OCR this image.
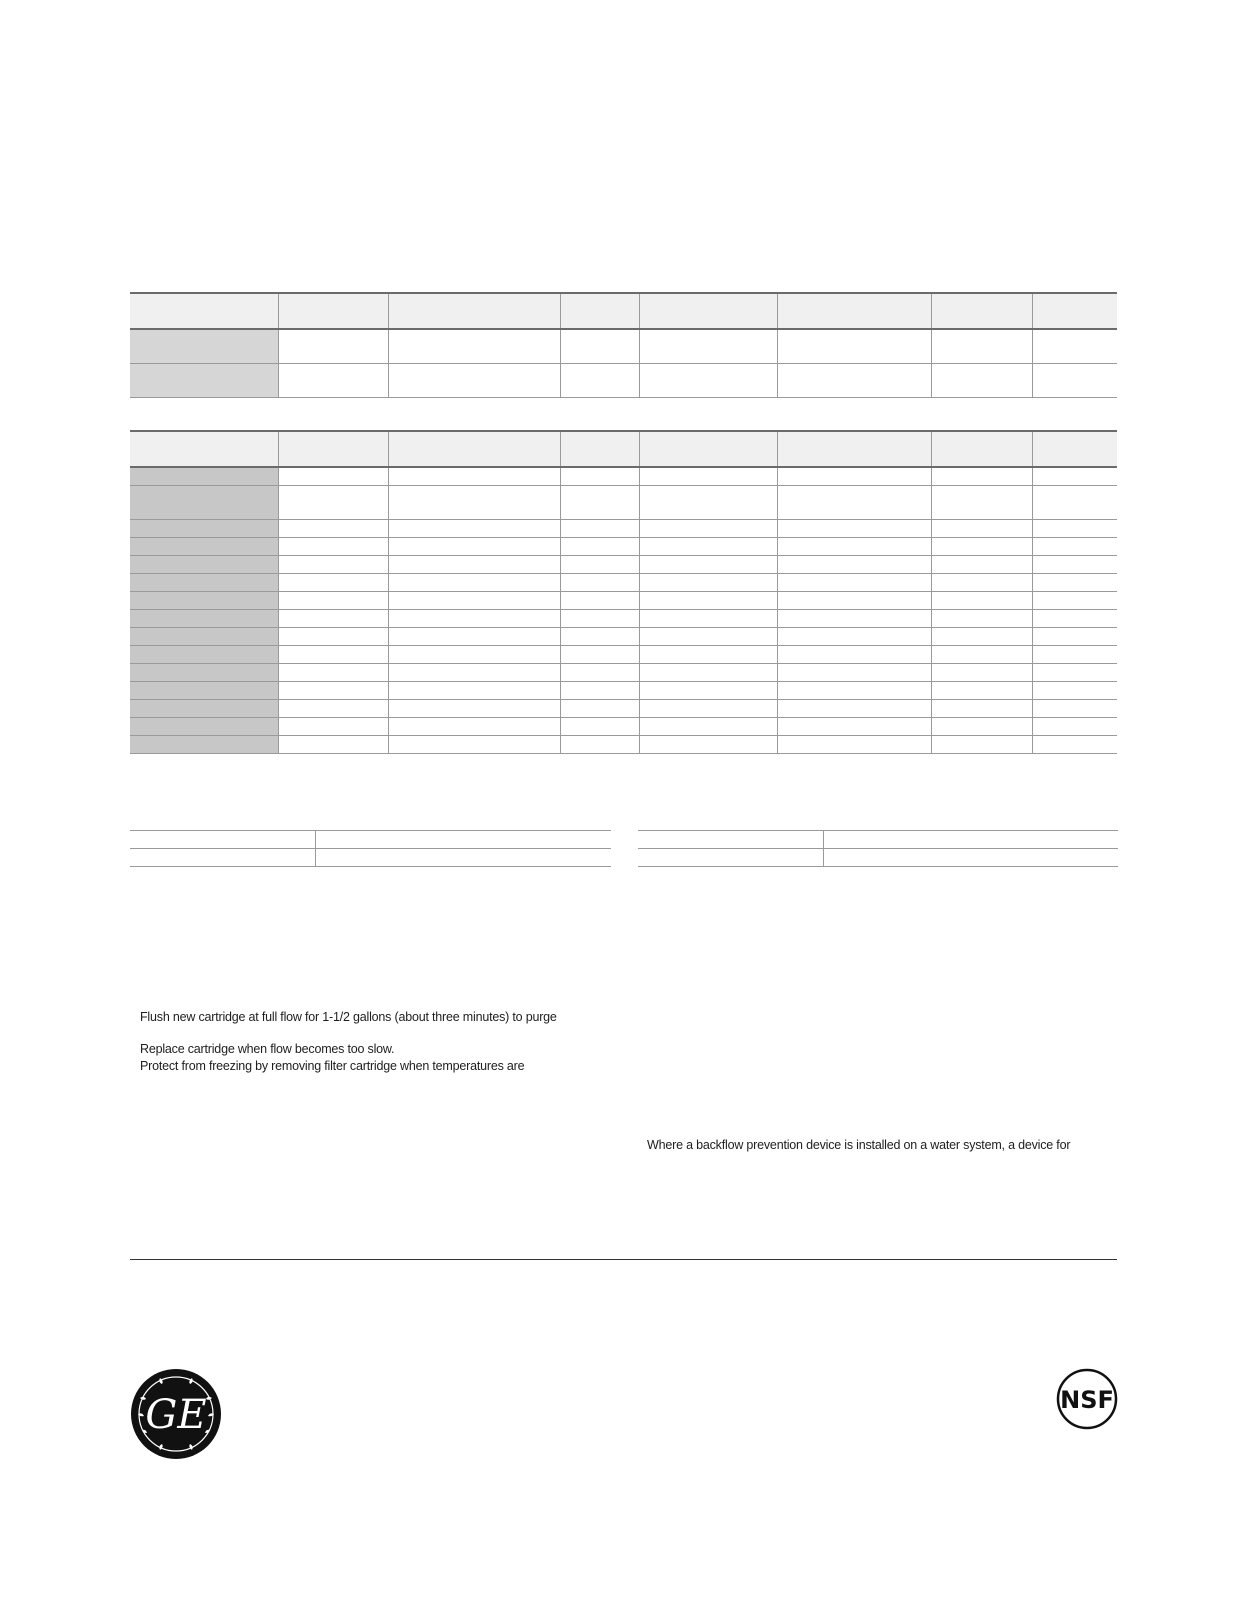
Flush new cartridge at full flow for 1-1/2 gallons (about three minutes) to purge
Replace cartridge when flow becomes too slow.
Protect from freezing by removing filter cartridge when temperatures are
Where a backflow prevention device is installed on a water system, a device for
GE	NSF
